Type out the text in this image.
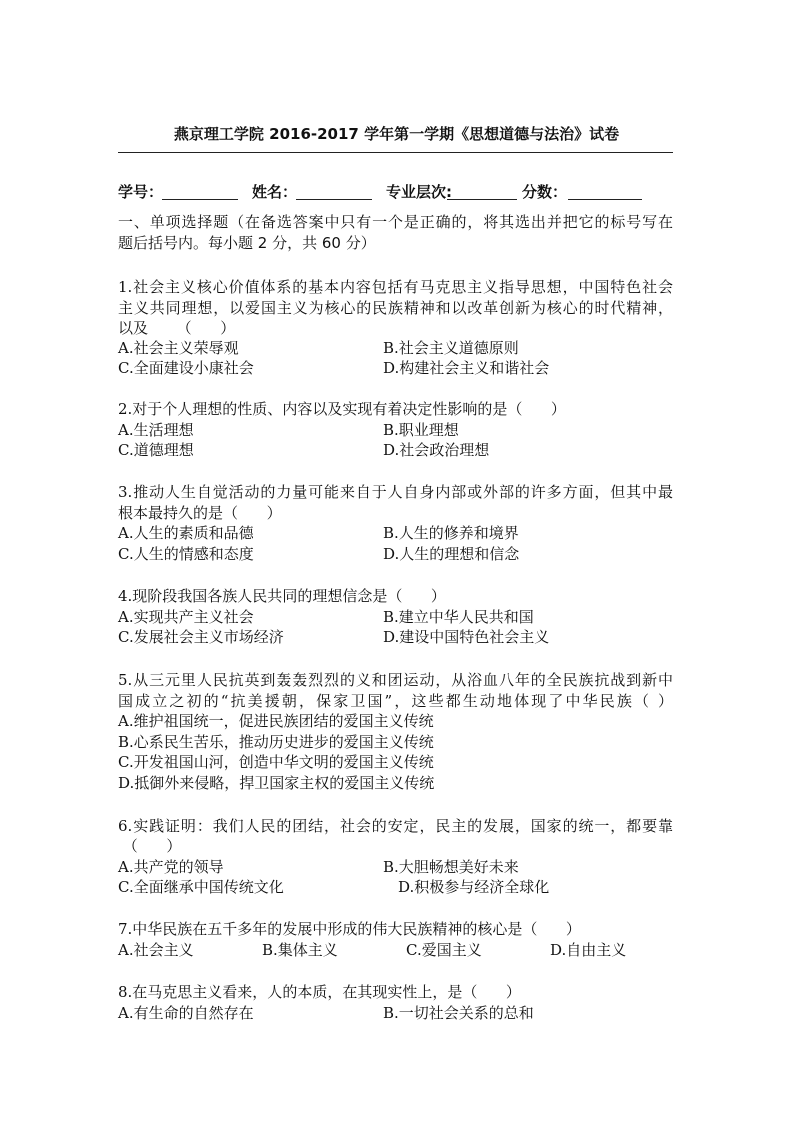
燕京理工学院 2016-2017 学年第一学期《思想道德与法治》试卷
学号：	姓名：	专业层次:	分数：
一、单项选择题（在备选答案中只有一个是正确的，将其选出并把它的标号写在
题后括号内。每小题 2 分，共 60 分）
1.社会主义核心价值体系的基本内容包括有马克思主义指导思想，中国特色社会
主义共同理想，以爱国主义为核心的民族精神和以改革创新为核心的时代精神，
以及      （      ）
A.社会主义荣辱观	B.社会主义道德原则
C.全面建设小康社会	D.构建社会主义和谐社会
2.对于个人理想的性质、内容以及实现有着决定性影响的是（      ）
A.生活理想	B.职业理想
C.道德理想	D.社会政治理想
3.推动人生自觉活动的力量可能来自于人自身内部或外部的许多方面，但其中最
根本最持久的是（      ）
A.人生的素质和品德	B.人生的修养和境界
C.人生的情感和态度	D.人生的理想和信念
4.现阶段我国各族人民共同的理想信念是（      ）
A.实现共产主义社会	B.建立中华人民共和国
C.发展社会主义市场经济	D.建设中国特色社会主义
5.从三元里人民抗英到轰轰烈烈的义和团运动，从浴血八年的全民族抗战到新中
国成立之初的“抗美援朝，保家卫国”，这些都生动地体现了中华民族（ ）
A.维护祖国统一，促进民族团结的爱国主义传统
B.心系民生苦乐，推动历史进步的爱国主义传统
C.开发祖国山河，创造中华文明的爱国主义传统
D.抵御外来侵略，捍卫国家主权的爱国主义传统
6.实践证明：我们人民的团结，社会的安定，民主的发展，国家的统一，都要靠
（      ）
A.共产党的领导	B.大胆畅想美好未来
C.全面继承中国传统文化	D.积极参与经济全球化
7.中华民族在五千多年的发展中形成的伟大民族精神的核心是（      ）
A.社会主义	B.集体主义	C.爱国主义	D.自由主义
8.在马克思主义看来，人的本质，在其现实性上，是（      ）
A.有生命的自然存在	B.一切社会关系的总和
